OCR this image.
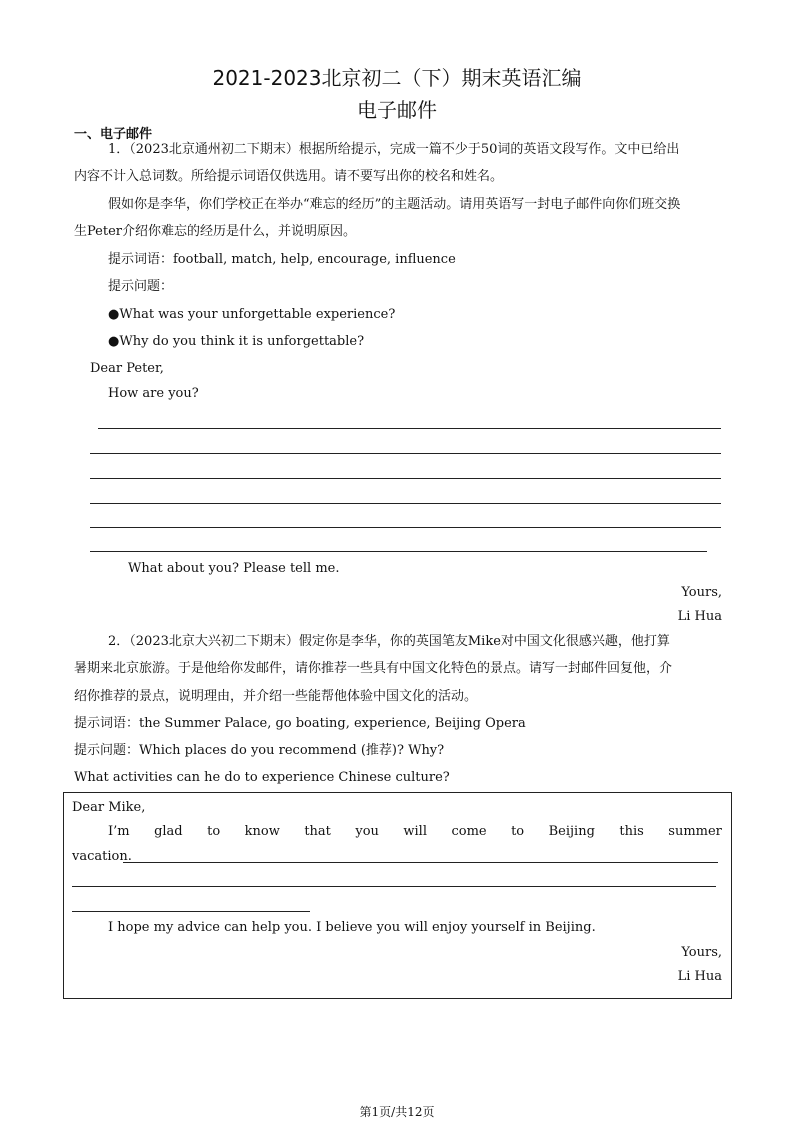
2021-2023北京初二（下）期末英语汇编
电子邮件
一、电子邮件
1．（2023北京通州初二下期末）根据所给提示，完成一篇不少于50词的英语文段写作。文中已给出
内容不计入总词数。所给提示词语仅供选用。请不要写出你的校名和姓名。
假如你是李华，你们学校正在举办“难忘的经历”的主题活动。请用英语写一封电子邮件向你们班交换
生Peter介绍你难忘的经历是什么，并说明原因。
提示词语：football, match, help, encourage, influence
提示问题：
●What was your unforgettable experience?
●Why do you think it is unforgettable?
Dear Peter,
How are you?
What about you? Please tell me.
Yours,
Li Hua
2．（2023北京大兴初二下期末）假定你是李华，你的英国笔友Mike对中国文化很感兴趣，他打算
暑期来北京旅游。于是他给你发邮件，请你推荐一些具有中国文化特色的景点。请写一封邮件回复他，介
绍你推荐的景点，说明理由，并介绍一些能帮他体验中国文化的活动。
提示词语：the Summer Palace, go boating, experience, Beijing Opera
提示问题：Which places do you recommend (推荐)? Why?
What activities can he do to experience Chinese culture?
Dear Mike,
I’m glad to know that you will come to Beijing this summer
vacation.
I hope my advice can help you. I believe you will enjoy yourself in Beijing.
Yours,
Li Hua
第1页/共12页
